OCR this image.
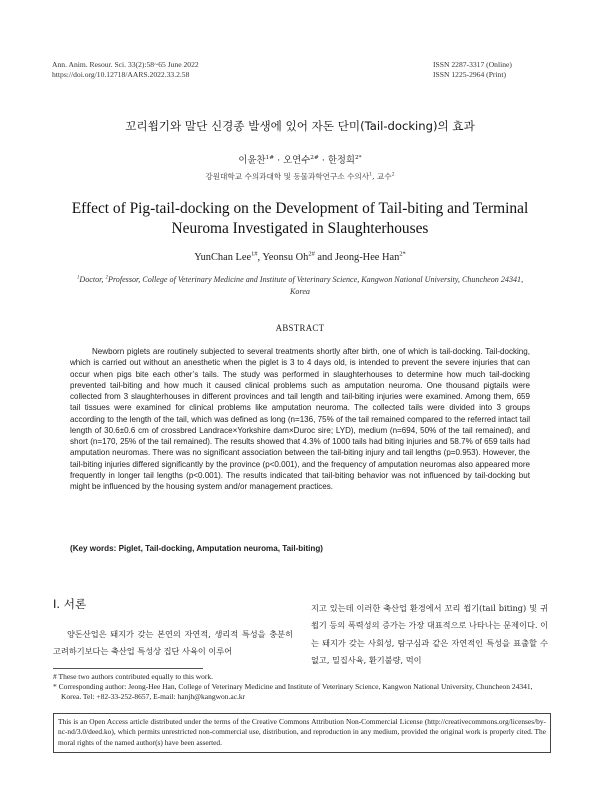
Ann. Anim. Resour. Sci. 33(2):58~65 June 2022
https://doi.org/10.12718/AARS.2022.33.2.58
ISSN 2287-3317 (Online)
ISSN 1225-2964 (Print)
꼬리쐽기와 말단 신경종 발생에 있어 자돈 단미(Tail-docking)의 효과
이윤찬$^{1\#}$ · 오연수$^{2\#}$ · 한정희$^{2*}$
강원대학교 수의과대학 및 동물과학연구소 수의사$^1$, 교수$^2$
Effect of Pig-tail-docking on the Development of Tail-biting and Terminal
Neuroma Investigated in Slaughterhouses
YunChan Lee$^{1\#}$, Yeonsu $Oh^{2\#}$ and Jeong-Hee Han$^{2*}$
$^1$Doctor, $^2$Professor, College of Veterinary Medicine and Institute of Veterinary Science, Kangwon National University, Chuncheon 24341, Korea
ABSTRACT

Newborn piglets are routinely subjected to several treatments shortly after birth, one of which is tail-docking. Tail-docking, which is carried out without an anesthetic when the piglet is 3 to 4 days old, is intended to prevent the severe injuries that can occur when pigs bite each other’s tails. The study was performed in slaughterhouses to determine how much tail-docking prevented tail-biting and how much it caused clinical problems such as amputation neuroma. One thousand pigtails were collected from 3 slaughterhouses in different provinces and tail length and tail-biting injuries were examined. Among them, 659 tail tissues were examined for clinical problems like amputation neuroma. The collected tails were divided into 3 groups according to the length of the tail, which was defined as long (n=136, 75% of the tail remained compared to the referred intact tail length of 30.6±0.6 cm of crossbred Landrace×Yorkshire dam×Duroc sire; LYD), medium (n=694, 50% of the tail remained), and short (n=170, 25% of the tail remained). The results showed that 4.3% of 1000 tails had biting injuries and 58.7% of 659 tails had amputation neuromas. There was no significant association between the tail-biting injury and tail lengths (p=0.953). However, the tail-biting injuries differed significantly by the province (p<0.001), and the frequency of amputation neuromas also appeared more frequently in longer tail lengths (p<0.001). The results indicated that tail-biting behavior was not influenced by tail-docking but might be influenced by the housing system and/or management practices.

(Key words: Piglet, Tail-docking, Amputation neuroma, Tail-biting)

Ⅰ. 서론

양돈산업은 돼지가 갖는 본연의 자연적, 생리적 특성을 충분히 고려하기보다는 축산업 특성상 집단 사육이 이루어

지고 있는데 이러한 축산업 환경에서 꼬리 쐽기(tail biting) 및 귀 쐽기 등의 폭력성의 증가는 가장 대표적으로 나타나는 문제이다. 이는 돼지가 갖는 사회성, 탐구심과 같은 자연적인 특성을 표출할 수 없고, 밀집사육, 환기불량, 먹이

# These two authors contributed equally to this work.

* Corresponding author: Jeong-Hee Han, College of Veterinary Medicine and Institute of Veterinary Science, Kangwon National University, Chuncheon 24341, Korea. Tel: +82-33-252-8657, E-mail: hanjh@kangwon.ac.kr

This is an Open Access article distributed under the terms of the Creative Commons Attribution Non-Commercial License (http://creativecommons.org/licenses/by-nc-nd/3.0/deed.ko), which permits unrestricted non-commercial use, distribution, and reproduction in any medium, provided the original work is properly cited. The moral rights of the named author(s) have been asserted.
